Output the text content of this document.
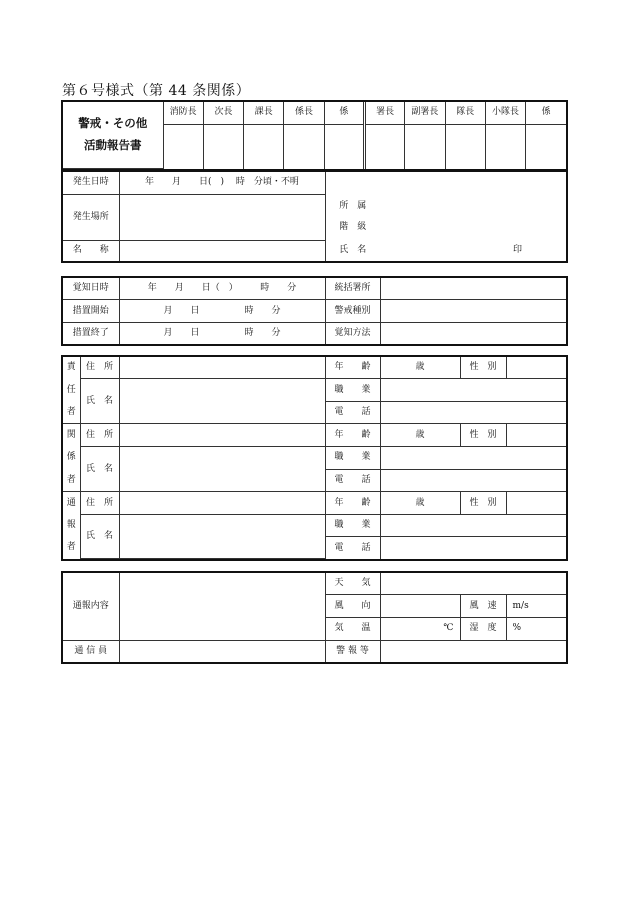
第６号様式（第 44 条関係）
警戒・その他
活動報告書	消防長	次長	課長	係長	係	署長	副署長	隊長	小隊長	係

発生日時	年　　月　　日(　)　 時　分頃・不明		
発生場所		所　属
階　級	

名　　称		氏　名	印
覚知日時	年　　月　　日（　）　　　時　　分	統括署所	
措置開始	月　　日　　　　　時　　分	警戒種別	
措置終了	月　　日　　　　　時　　分	覚知方法	
責	住　所		年　　齢	歳	性　別	
任	氏　名		職　　業			
者			電　　話			
関	住　所		年　　齢	歳	性　別	
係	氏　名		職　　業			
者			電　　話			
通	住　所		年　　齢	歳	性　別	
報	氏　名		職　　業			
者			電　　話			
通報内容		天　　気			
		風　　向		風　速	m/s
		気　　温	℃	湿　度	%
通 信 員		警 報 等			
